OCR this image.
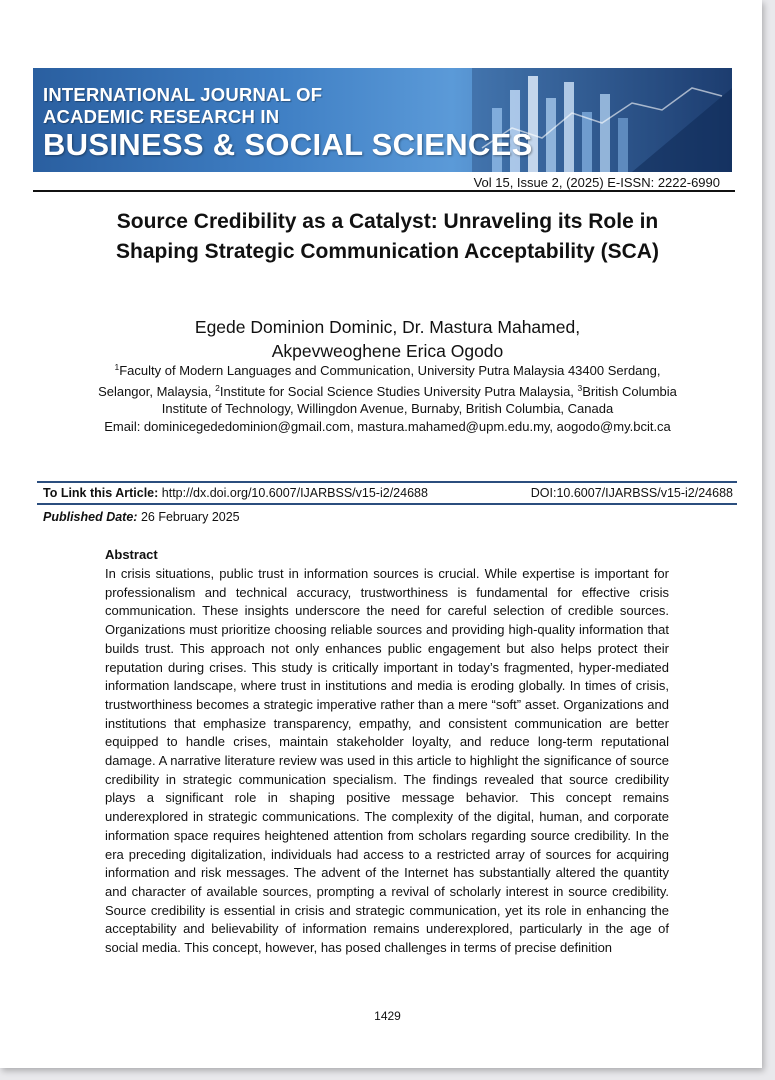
INTERNATIONAL JOURNAL OF
ACADEMIC RESEARCH IN
BUSINESS & SOCIAL SCIENCES
Vol 15, Issue 2, (2025) E-ISSN: 2222-6990
Source Credibility as a Catalyst: Unraveling its Role in Shaping Strategic Communication Acceptability (SCA)
Egede Dominion Dominic, Dr. Mastura Mahamed,
Akpevweoghene Erica Ogodo
$^1$Faculty of Modern Languages and Communication, University Putra Malaysia 43400 Serdang, Selangor, Malaysia, $^2$Institute for Social Science Studies University Putra Malaysia, $^3$British Columbia Institute of Technology, Willingdon Avenue, Burnaby, British Columbia, Canada
Email: dominicegededominion@gmail.com, mastura.mahamed@upm.edu.my, aogodo@my.bcit.ca
To Link this Article: http://dx.doi.org/10.6007/IJARBSS/v15-i2/24688	DOI:10.6007/IJARBSS/v15-i2/24688
Published Date: 26 February 2025
Abstract
In crisis situations, public trust in information sources is crucial. While expertise is important for professionalism and technical accuracy, trustworthiness is fundamental for effective crisis communication. These insights underscore the need for careful selection of credible sources. Organizations must prioritize choosing reliable sources and providing high-quality information that builds trust. This approach not only enhances public engagement but also helps protect their reputation during crises. This study is critically important in today’s fragmented, hyper-mediated information landscape, where trust in institutions and media is eroding globally. In times of crisis, trustworthiness becomes a strategic imperative rather than a mere “soft” asset. Organizations and institutions that emphasize transparency, empathy, and consistent communication are better equipped to handle crises, maintain stakeholder loyalty, and reduce long-term reputational damage. A narrative literature review was used in this article to highlight the significance of source credibility in strategic communication specialism. The findings revealed that source credibility plays a significant role in shaping positive message behavior. This concept remains underexplored in strategic communications. The complexity of the digital, human, and corporate information space requires heightened attention from scholars regarding source credibility. In the era preceding digitalization, individuals had access to a restricted array of sources for acquiring information and risk messages. The advent of the Internet has substantially altered the quantity and character of available sources, prompting a revival of scholarly interest in source credibility. Source credibility is essential in crisis and strategic communication, yet its role in enhancing the acceptability and believability of information remains underexplored, particularly in the age of social media. This concept, however, has posed challenges in terms of precise definition
1429
